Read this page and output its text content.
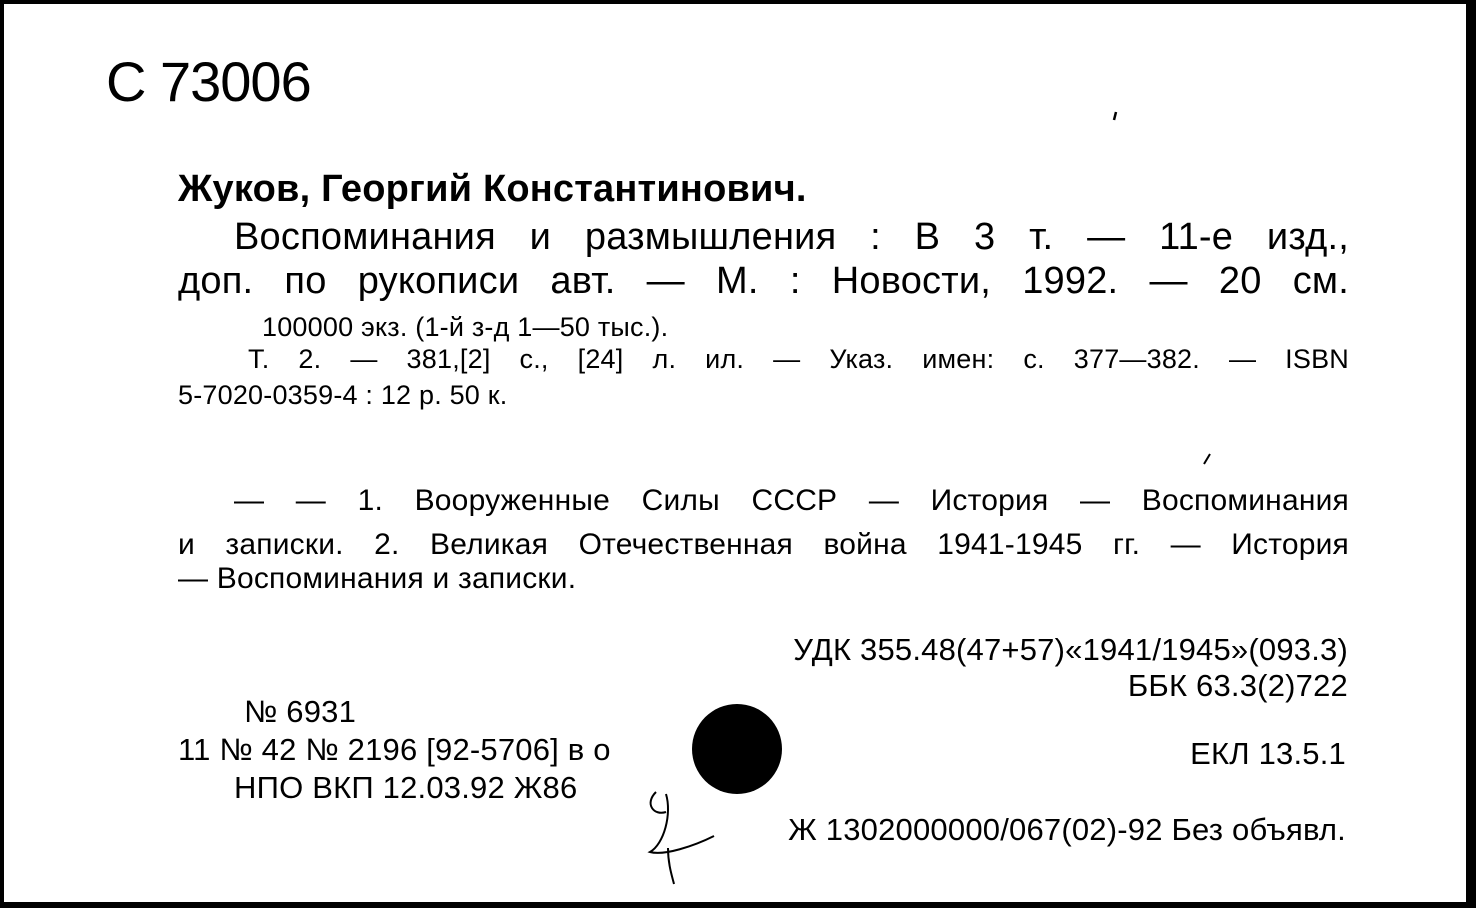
С 73006
Жуков, Георгий Константинович.
Воспоминания и размышления : В 3 т. — 11-е изд.,
доп. по рукописи авт. — М. : Новости, 1992. — 20 см.
100000 экз. (1-й з-д 1—50 тыс.).
Т. 2. — 381,[2] с., [24] л. ил. — Указ. имен: с. 377—382. — ISBN
5-7020-0359-4 : 12 р. 50 к.
— — 1. Вооруженные Силы СССР — История — Воспоминания
и записки. 2. Великая Отечественная война 1941-1945 гг. — История
— Воспоминания и записки.
УДК 355.48(47+57)«1941/1945»(093.3)
ББК 63.3(2)722
№ 6931
11 № 42 № 2196 [92-5706] в о
НПО ВКП 12.03.92 Ж86
ЕКЛ 13.5.1
Ж 1302000000/067(02)-92 Без объявл.
